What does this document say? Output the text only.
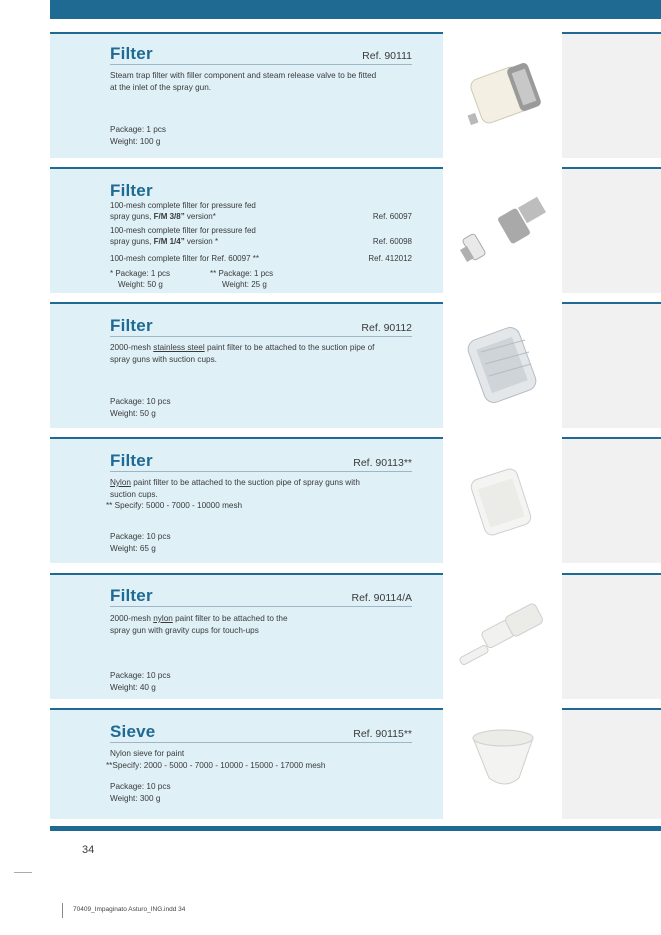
Filter	Ref. 90111
Steam trap filter with filler component and steam release valve to be fitted
at the inlet of the spray gun.
Package: 1 pcs
Weight: 100 g
Filter
100-mesh complete filter for pressure fed
spray guns, F/M 3/8” version*	Ref. 60097
100-mesh complete filter for pressure fed
spray guns, F/M 1/4” version *	Ref. 60098
100-mesh complete filter for Ref. 60097 **	Ref. 412012
* Package: 1 pcs
Weight: 50 g
** Package: 1 pcs
Weight: 25 g
Filter	Ref. 90112
2000-mesh stainless steel paint filter to be attached to the suction pipe of
spray guns with suction cups.
Package: 10 pcs
Weight: 50 g
Filter	Ref. 90113**
Nylon paint filter to be attached to the suction pipe of spray guns with
suction cups.
** Specify: 5000 - 7000 - 10000 mesh
Package: 10 pcs
Weight: 65 g
Filter	Ref. 90114/A
2000-mesh nylon paint filter to be attached to the
spray gun with gravity cups for touch-ups
Package: 10 pcs
Weight: 40 g
Sieve	Ref. 90115**
Nylon sieve for paint
**Specify: 2000 - 5000 - 7000 - 10000 - 15000 - 17000 mesh
Package: 10 pcs
Weight: 300 g
34
70409_Impaginato Asturo_ING.indd 34
